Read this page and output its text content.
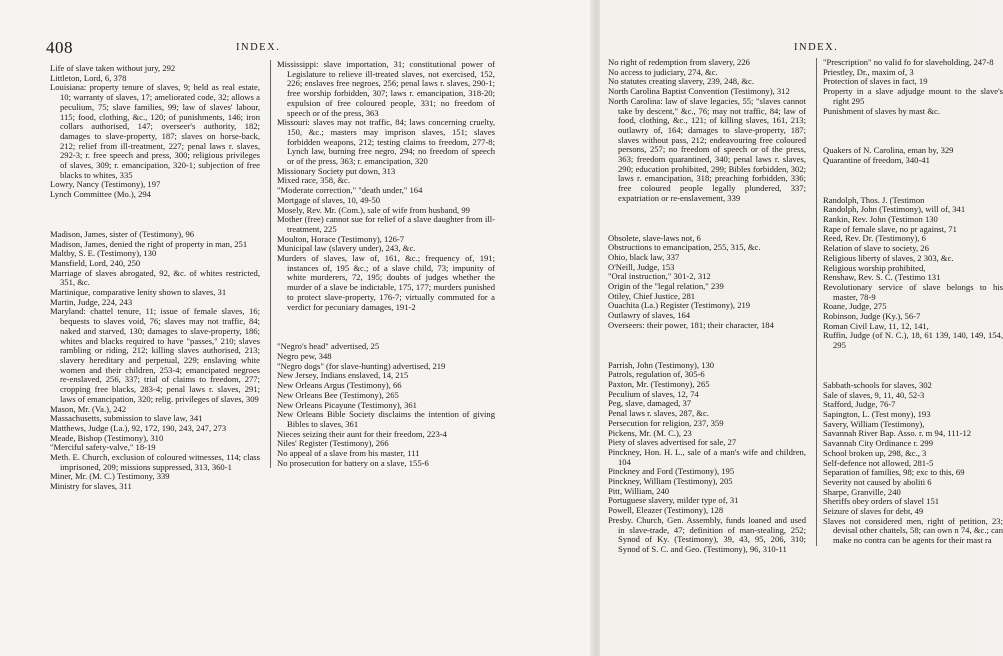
408	INDEX.

Life of slave taken without jury, 292

Littleton, Lord, 6, 378

Louisiana: property tenure of slaves, 9; held as real estate, 10; warranty of slaves, 17; ameliorated code, 32; allows a peculium, 75; slave families, 99; law of slaves' labour, 115; food, clothing, &c., 120; of punishments, 146; iron collars authorised, 147; overseer's authority, 182; damages to slave-property, 187; slaves on horse-back, 212; relief from ill-treatment, 227; penal laws r. slaves, 292-3; r. free speech and press, 300; religious privileges of slaves, 309; r. emancipation, 320-1; subjection of free blacks to whites, 335

Lowry, Nancy (Testimony), 197

Lynch Committee (Mo.), 294

Madison, James, sister of (Testimony), 96

Madison, James, denied the right of property in man, 251

Maltby, S. E. (Testimony), 130

Mansfield, Lord, 240, 250

Marriage of slaves abrogated, 92, &c. of whites restricted, 351, &c.

Martinique, comparative lenity shown to slaves, 31

Martin, Judge, 224, 243

Maryland: chattel tenure, 11; issue of female slaves, 16; bequests to slaves void, 76; slaves may not traffic, 84; naked and starved, 130; damages to slave-property, 186; whites and blacks required to have "passes," 210; slaves rambling or riding, 212; killing slaves authorised, 213; slavery hereditary and perpetual, 229; enslaving white women and their children, 253-4; emancipated negroes re-enslaved, 256, 337; trial of claims to freedom, 277; cropping free blacks, 283-4; penal laws r. slaves, 291; laws of emancipation, 320; relig. privileges of slaves, 309

Mason, Mr. (Va.), 242

Massachusetts, submission to slave law, 341

Matthews, Judge (La.), 92, 172, 190, 243, 247, 273

Meade, Bishop (Testimony), 310

"Merciful safety-valve," 18-19

Meth. E. Church, exclusion of coloured witnesses, 114; class imprisoned, 209; missions suppressed, 313, 360-1

Miner, Mr. (M. C.) Testimony, 339

Ministry for slaves, 311

Mississippi: slave importation, 31; constitutional power of Legislature to relieve ill-treated slaves, not exercised, 152, 226; enslaves free negroes, 256; penal laws r. slaves, 290-1; free worship forbidden, 307; laws r. emancipation, 318-20; expulsion of free coloured people, 331; no freedom of speech or of the press, 363

Missouri: slaves may not traffic, 84; laws concerning cruelty, 150, &c.; masters may imprison slaves, 151; slaves forbidden weapons, 212; testing claims to freedom, 277-8; Lynch law, burning free negro, 294; no freedom of speech or of the press, 363; r. emancipation, 320

Missionary Society put down, 313

Mixed race, 358, &c.

"Moderate correction," "death under," 164

Mortgage of slaves, 10, 49-50

Mosely, Rev. Mr. (Com.), sale of wife from husband, 99

Mother (free) cannot sue for relief of a slave daughter from ill-treatment, 225

Moulton, Horace (Testimony), 126-7

Municipal law (slavery under), 243, &c.

Murders of slaves, law of, 161, &c.; frequency of, 191; instances of, 195 &c.; of a slave child, 73; impunity of white murderers, 72, 195; doubts of judges whether the murder of a slave be indictable, 175, 177; murders punished to protect slave-property, 176-7; virtually commuted for a verdict for pecuniary damages, 191-2

"Negro's head" advertised, 25

Negro pew, 348

"Negro dogs" (for slave-hunting) advertised, 219

New Jersey, Indians enslaved, 14, 215

New Orleans Argus (Testimony), 66

New Orleans Bee (Testimony), 265

New Orleans Picayune (Testimony), 361

New Orleans Bible Society disclaims the intention of giving Bibles to slaves, 361

Nieces seizing their aunt for their freedom, 223-4

Niles' Register (Testimony), 266

No appeal of a slave from his master, 111

No prosecution for battery on a slave, 155-6

INDEX.

No right of redemption from slavery, 226

No access to judiciary, 274, &c.

No statutes creating slavery, 239, 248, &c.

North Carolina Baptist Convention (Testimony), 312

North Carolina: law of slave legacies, 55; "slaves cannot take by descent," &c., 76; may not traffic, 84; law of food, clothing, &c., 121; of killing slaves, 161, 213; outlawry of, 164; damages to slave-property, 187; slaves without pass, 212; endeavouring free coloured persons, 257; no freedom of speech or of the press, 363; freedom quarantined, 340; penal laws r. slaves, 290; education prohibited, 299; Bibles forbidden, 302; laws r. emancipation, 318; preaching forbidden, 336; free coloured people legally plundered, 337; expatriation or re-enslavement, 339

Obsolete, slave-laws not, 6

Obstructions to emancipation, 255, 315, &c.

Ohio, black law, 337

O'Neill, Judge, 153

"Oral instruction," 301-2, 312

Origin of the "legal relation," 239

Otiley, Chief Justice, 281

Ouachita (La.) Register (Testimony), 219

Outlawry of slaves, 164

Overseers: their power, 181; their character, 184

Parrish, John (Testimony), 130

Patrols, regulation of, 305-6

Paxton, Mr. (Testimony), 265

Peculium of slaves, 12, 74

Peg, slave, damaged, 37

Penal laws r. slaves, 287, &c.

Persecution for religion, 237, 359

Pickens, Mr. (M. C.), 23

Piety of slaves advertised for sale, 27

Pinckney, Hon. H. L., sale of a man's wife and children, 104

Pinckney and Ford (Testimony), 195

Pinckney, William (Testimony), 205

Pitt, William, 240

Portuguese slavery, milder type of, 31

Powell, Eleazer (Testimony), 128

Presby. Church, Gen. Assembly, funds loaned and used in slave-trade, 47; definition of man-stealing, 252; Synod of Ky. (Testimony), 39, 43, 95, 206, 310; Synod of S. C. and Geo. (Testimony), 96, 310-11

"Prescription" no valid fo for slaveholding, 247-8

Priestley, Dr., maxim of, 3

Protection of slaves in fact, 19

Property in a slave adjudge mount to the slave's right 295

Punishment of slaves by mast &c.

Quakers of N. Carolina, eman by, 329

Quarantine of freedom, 340-41

Randolph, Thos. J. (Testimon

Randolph, John (Testimony), will of, 341

Rankin, Rev. John (Testimon 130

Rape of female slave, no pr against, 71

Reed, Rev. Dr. (Testimony), 6

Relation of slave to society, 26

Religious liberty of slaves, 2 303, &c.

Religious worship prohibited,

Renshaw, Rev. S. C. (Testimo 131

Revolutionary service of slave belongs to his master, 78-9

Roane, Judge, 275

Robinson, Judge (Ky.), 56-7

Roman Civil Law, 11, 12, 141,

Ruffin, Judge (of N. C.), 18, 61 139, 140, 149, 154, 295

Sabbath-schools for slaves, 302

Sale of slaves, 9, 11, 40, 52-3

Stafford, Judge, 76-7

Sapington, L. (Test mony), 193

Savery, William (Testimony),

Savannah River Bap. Asso. r. m 94, 111-12

Savannah City Ordinance r. 299

School broken up, 298, &c., 3

Self-defence not allowed, 281-5

Separation of families, 98; exc to this, 69

Severity not caused by aboliti 6

Sharpe, Granville, 240

Sheriffs obey orders of slavel 151

Seizure of slaves for debt, 49

Slaves not considered men, right of petition, 23; devisal other chattels, 58; can own n 74, &c.; can make no contra can be agents for their mast ra
